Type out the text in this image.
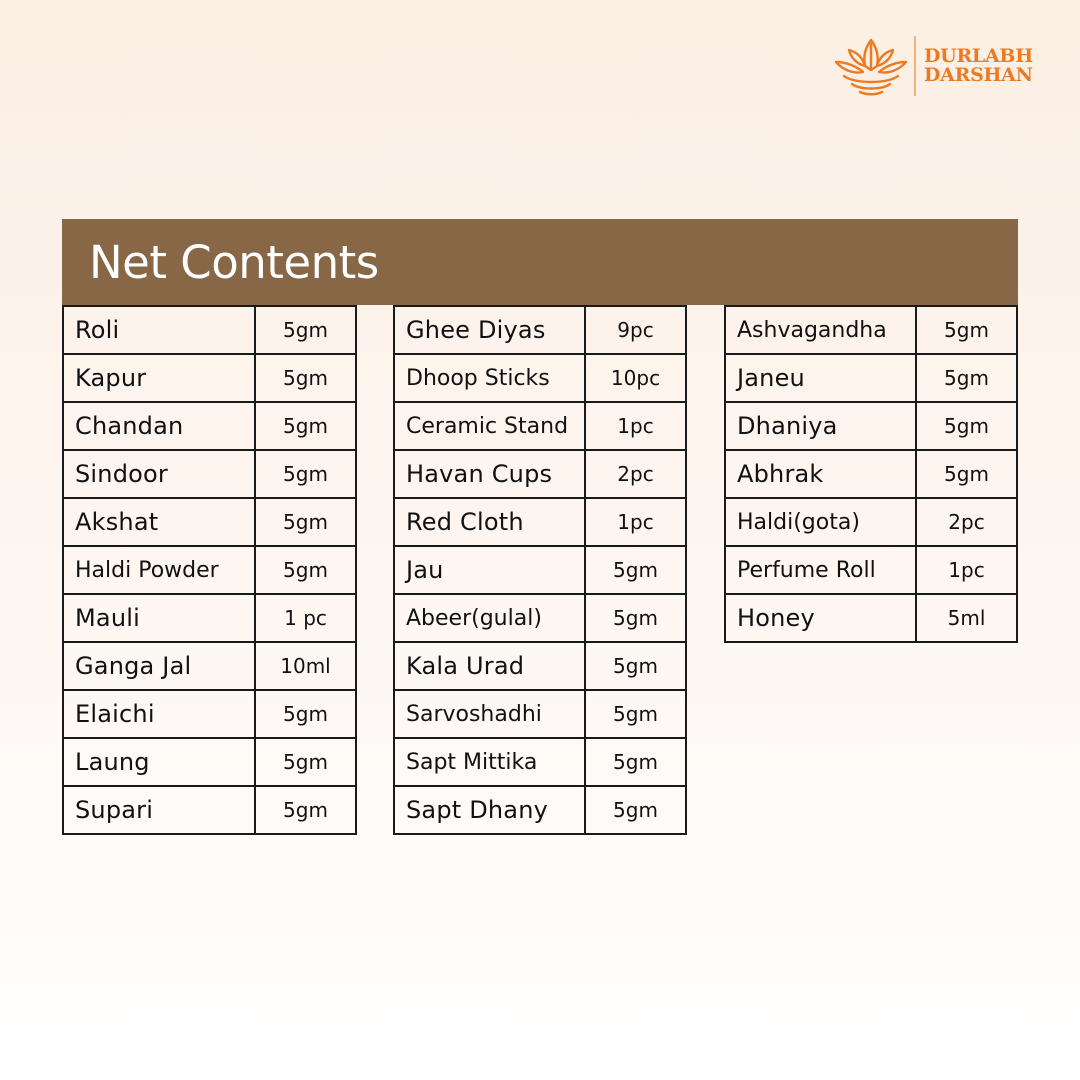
DURLABH
DARSHAN
Net Contents
Roli	5gm
Kapur	5gm
Chandan	5gm
Sindoor	5gm
Akshat	5gm
Haldi Powder	5gm
Mauli	1 pc
Ganga Jal	10ml
Elaichi	5gm
Laung	5gm
Supari	5gm
Ghee Diyas	9pc
Dhoop Sticks	10pc
Ceramic Stand	1pc
Havan Cups	2pc
Red Cloth	1pc
Jau	5gm
Abeer(gulal)	5gm
Kala Urad	5gm
Sarvoshadhi	5gm
Sapt Mittika	5gm
Sapt Dhany	5gm
Ashvagandha	5gm
Janeu	5gm
Dhaniya	5gm
Abhrak	5gm
Haldi(gota)	2pc
Perfume Roll	1pc
Honey	5ml
